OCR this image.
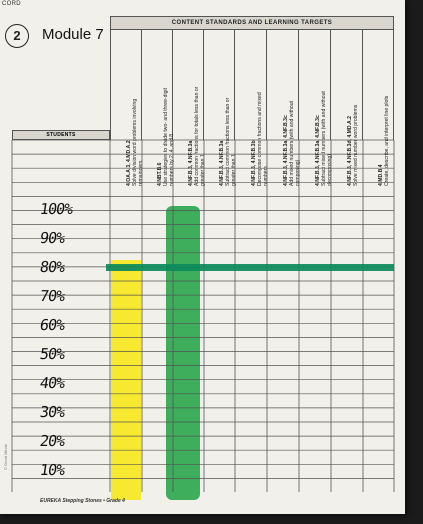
CORD
2	Module 7
CONTENT STANDARDS AND LEARNING TARGETS
4.OA.A.3, 4.MD.A.2 Solve division word problems involving remainders	4.NBT.B.6 Use strategies to divide two- and three-digit numbers by 2, 4, and 8	4.NF.B.3, 4.NF.B.3a Add common fractions for totals less than or greater than 1	4.NF.B.3, 4.NF.B.3a Subtract common fractions less than or greater than 1	4.NF.B.3, 4.NF.B.3b Decompose common fractions and mixed numbers	4.NF.B.3, 4.NF.B.3a, 4.NF.B.3c Add mixed numbers (with and without composing)	4.NF.B.3, 4.NF.B.3a, 4.NF.B.3c Subtract mixed numbers (with and without decomposing)	4.NF.B.3, 4.NF.B.3d, 4.MD.A.2 Solve mixed number word problems	4.MD.B.4 Create, describe, and interpret line plots
STUDENTS
100%
90%
80%
70%
60%
50%
40%
30%
20%
10%
EUREKA Stepping Stones • Grade 4
© Great Minds
›
